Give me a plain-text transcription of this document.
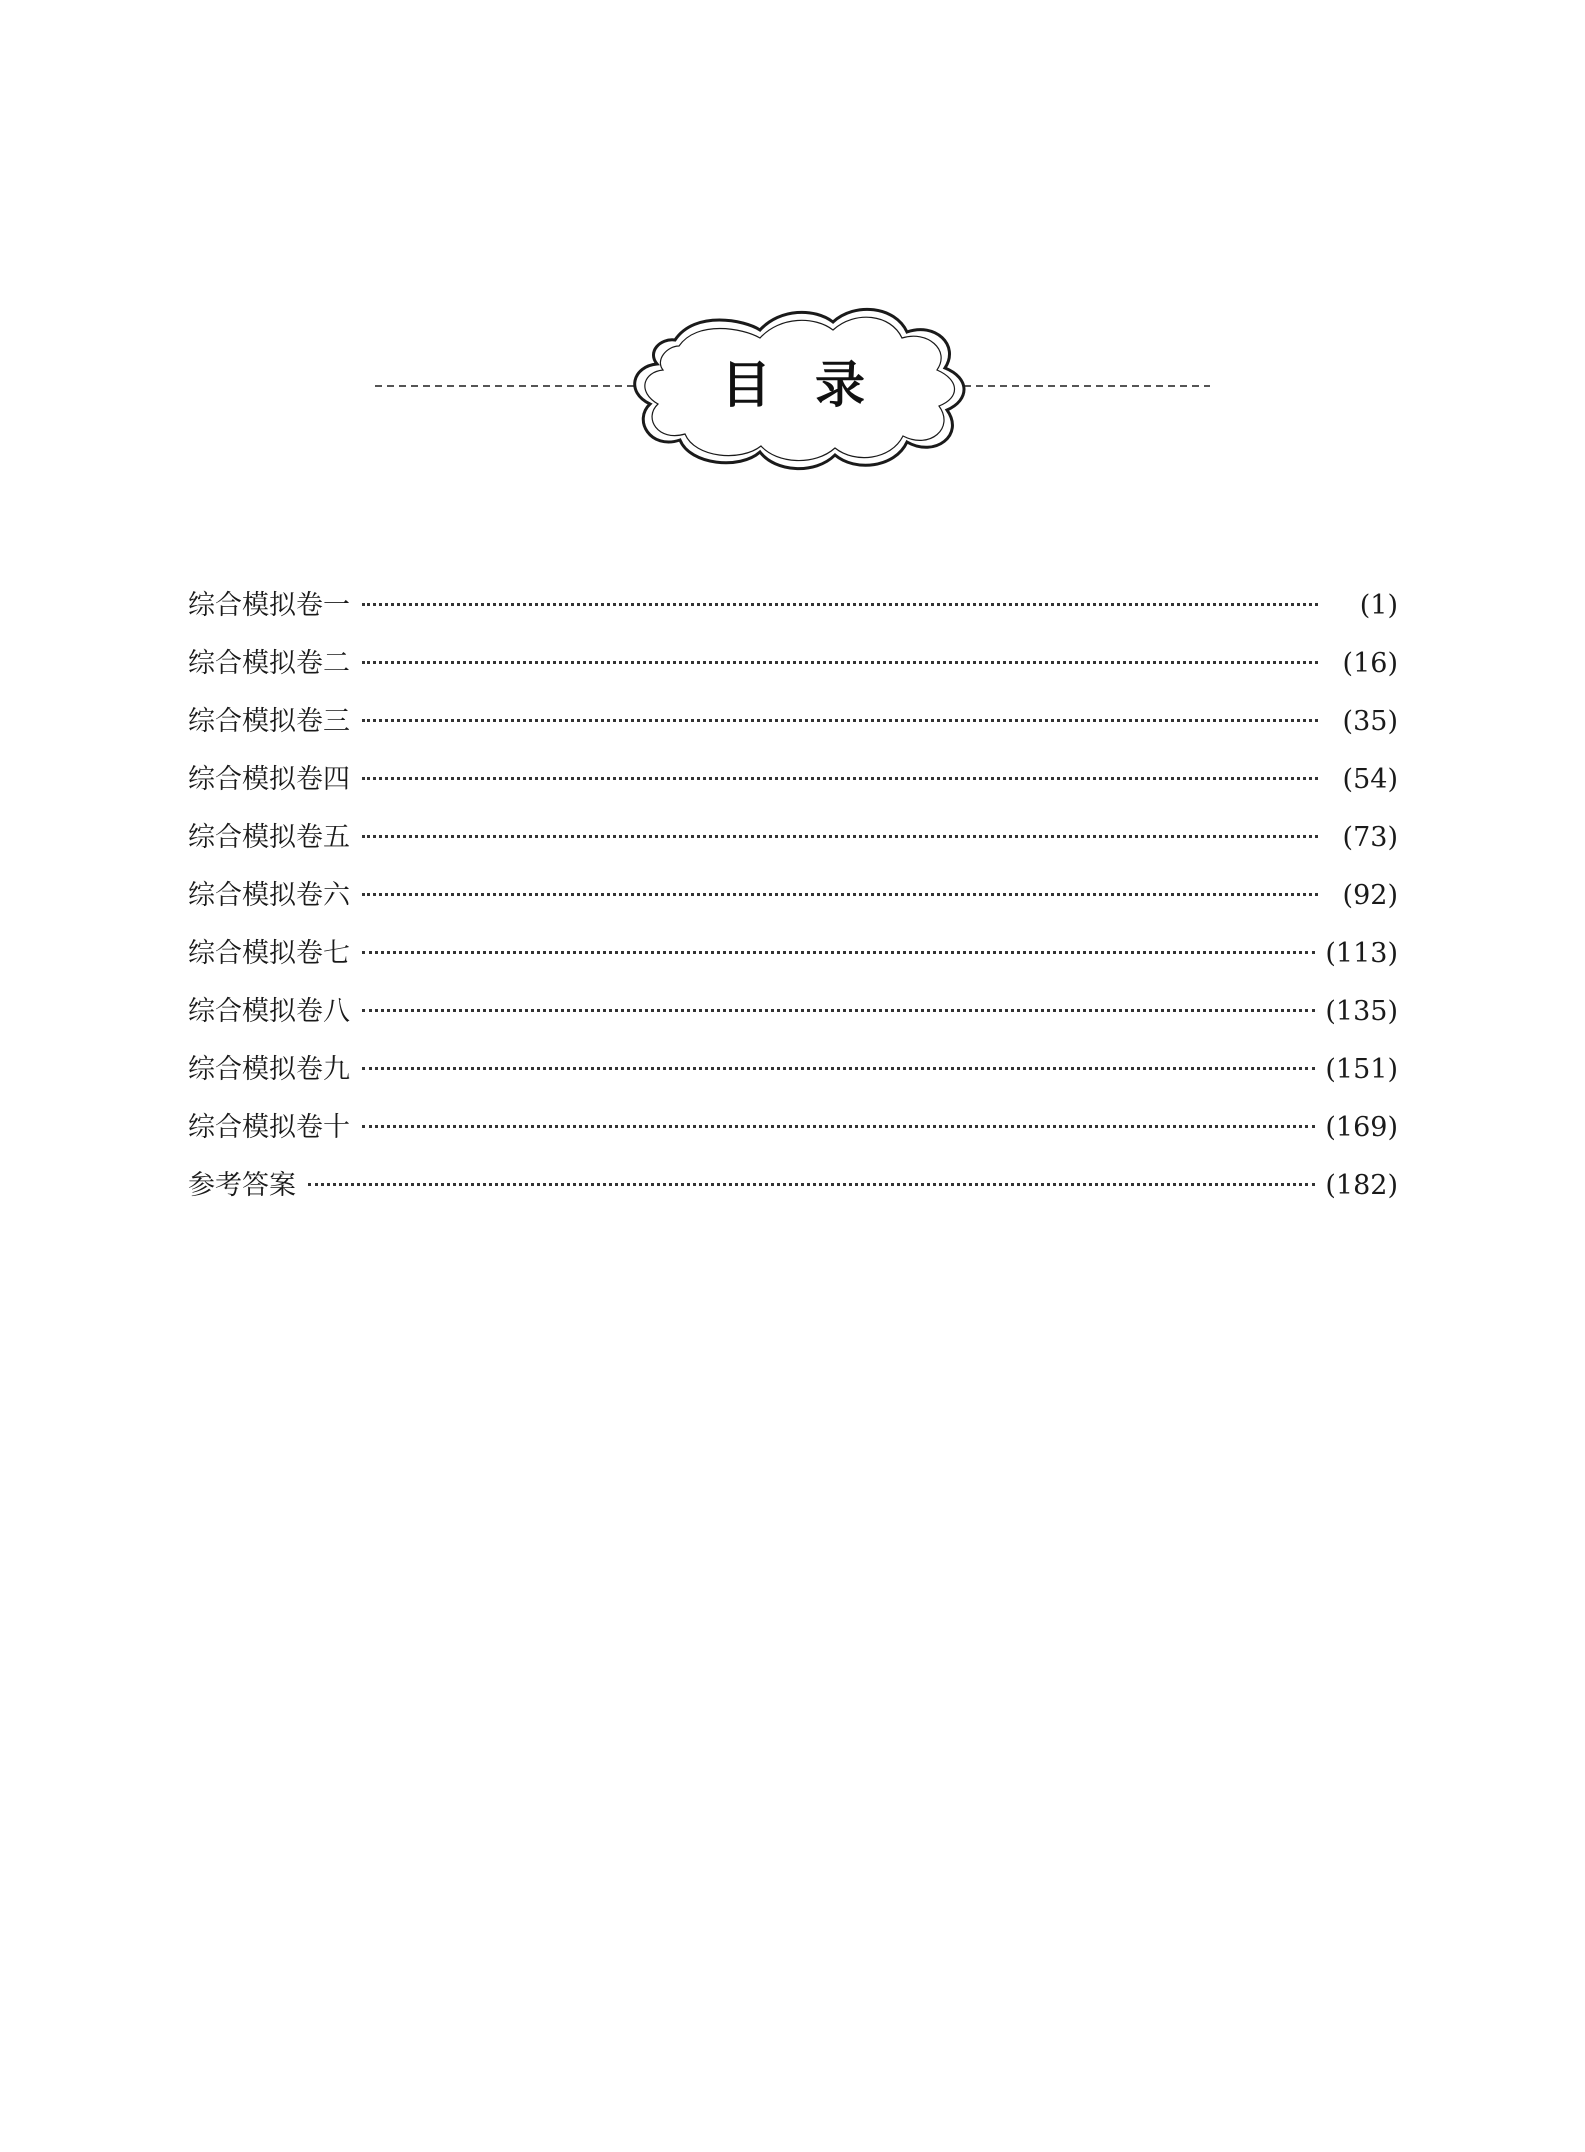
目录
综合模拟卷一	(1)
综合模拟卷二	(16)
综合模拟卷三	(35)
综合模拟卷四	(54)
综合模拟卷五	(73)
综合模拟卷六	(92)
综合模拟卷七	(113)
综合模拟卷八	(135)
综合模拟卷九	(151)
综合模拟卷十	(169)
参考答案	(182)
